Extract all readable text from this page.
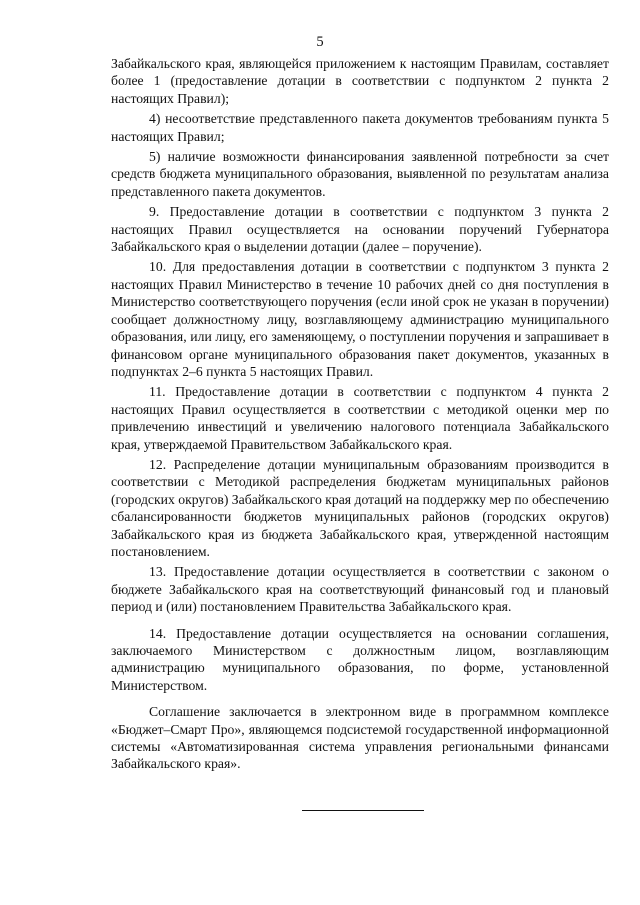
5

Забайкальского края, являющейся приложением к настоящим Правилам, составляет более 1 (предоставление дотации в соответствии с подпунктом 2 пункта 2 настоящих Правил);

4) несоответствие представленного пакета документов требованиям пункта 5 настоящих Правил;

5) наличие возможности финансирования заявленной потребности за счет средств бюджета муниципального образования, выявленной по результатам анализа представленного пакета документов.

9. Предоставление дотации в соответствии с подпунктом 3 пункта 2 настоящих Правил осуществляется на основании поручений Губернатора Забайкальского края о выделении дотации (далее – поручение).

10. Для предоставления дотации в соответствии с подпунктом 3 пункта 2 настоящих Правил Министерство в течение 10 рабочих дней со дня поступления в Министерство соответствующего поручения (если иной срок не указан в поручении) сообщает должностному лицу, возглавляющему администрацию муниципального образования, или лицу, его заменяющему, о поступлении поручения и запрашивает в финансовом органе муниципального образования пакет документов, указанных в подпунктах 2–6 пункта 5 настоящих Правил.

11. Предоставление дотации в соответствии с подпунктом 4 пункта 2 настоящих Правил осуществляется в соответствии с методикой оценки мер по привлечению инвестиций и увеличению налогового потенциала Забайкальского края, утверждаемой Правительством Забайкальского края.

12. Распределение дотации муниципальным образованиям производится в соответствии с Методикой распределения бюджетам муниципальных районов (городских округов) Забайкальского края дотаций на поддержку мер по обеспечению сбалансированности бюджетов муниципальных районов (городских округов) Забайкальского края из бюджета Забайкальского края, утвержденной настоящим постановлением.

13. Предоставление дотации осуществляется в соответствии с законом о бюджете Забайкальского края на соответствующий финансовый год и плановый период и (или) постановлением Правительства Забайкальского края.

14. Предоставление дотации осуществляется на основании соглашения, заключаемого Министерством с должностным лицом, возглавляющим администрацию муниципального образования, по форме, установленной Министерством.

Соглашение заключается в электронном виде в программном комплексе «Бюджет–Смарт Про», являющемся подсистемой государственной информационной системы «Автоматизированная система управления региональными финансами Забайкальского края».
